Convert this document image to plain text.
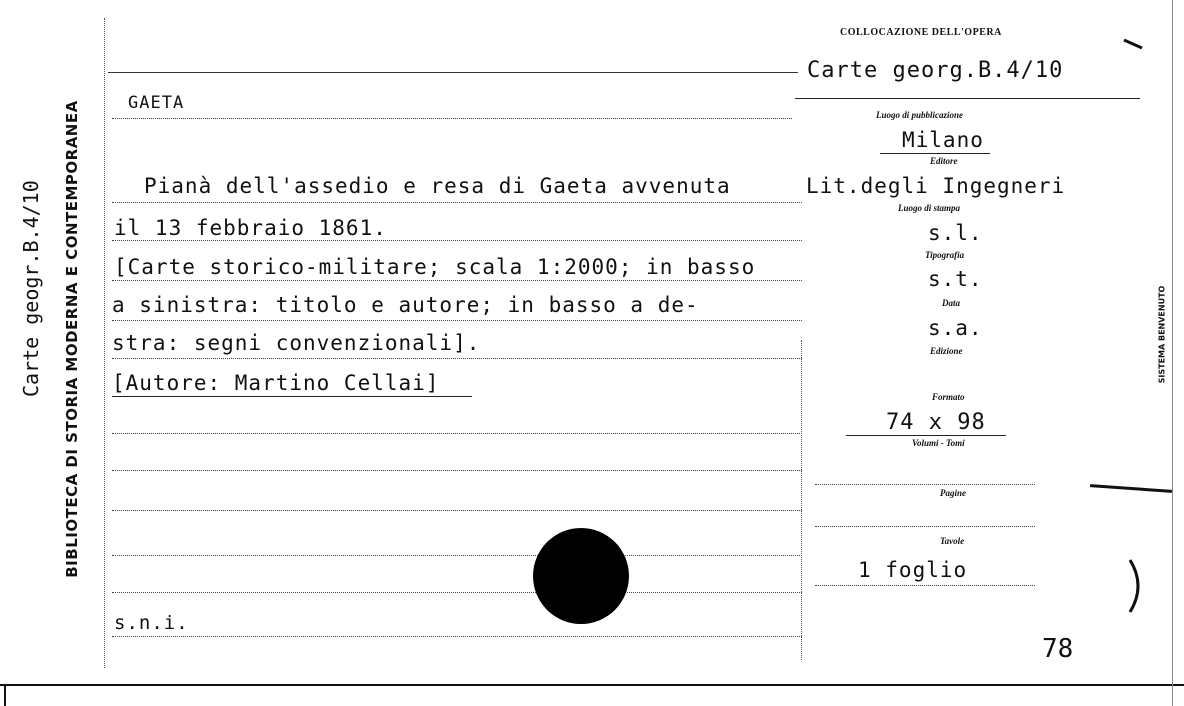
Carte geogr.B.4/10 BIBLIOTECA DI STORIA MODERNA E CONTEMPORANEA	SISTEMA BENVENUTO
COLLOCAZIONE DELL'OPERA
Carte georg.B.4/10
GAETA
Pianà dell'assedio e resa di Gaeta avvenuta
il 13 febbraio 1861.
[Carte storico-militare; scala 1:2000; in basso
a sinistra: titolo e autore; in basso a de-
stra: segni convenzionali].
[Autore: Martino Cellai]
s.n.i.
Luogo di pubblicazione
Milano
Editore
Lit.degli Ingegneri
Luogo di stampa
s.l.
Tipografia
s.t.
Data
s.a.
Edizione
Formato
74 x 98
Volumi - Tomi
Pagine
Tavole
1 foglio
78
